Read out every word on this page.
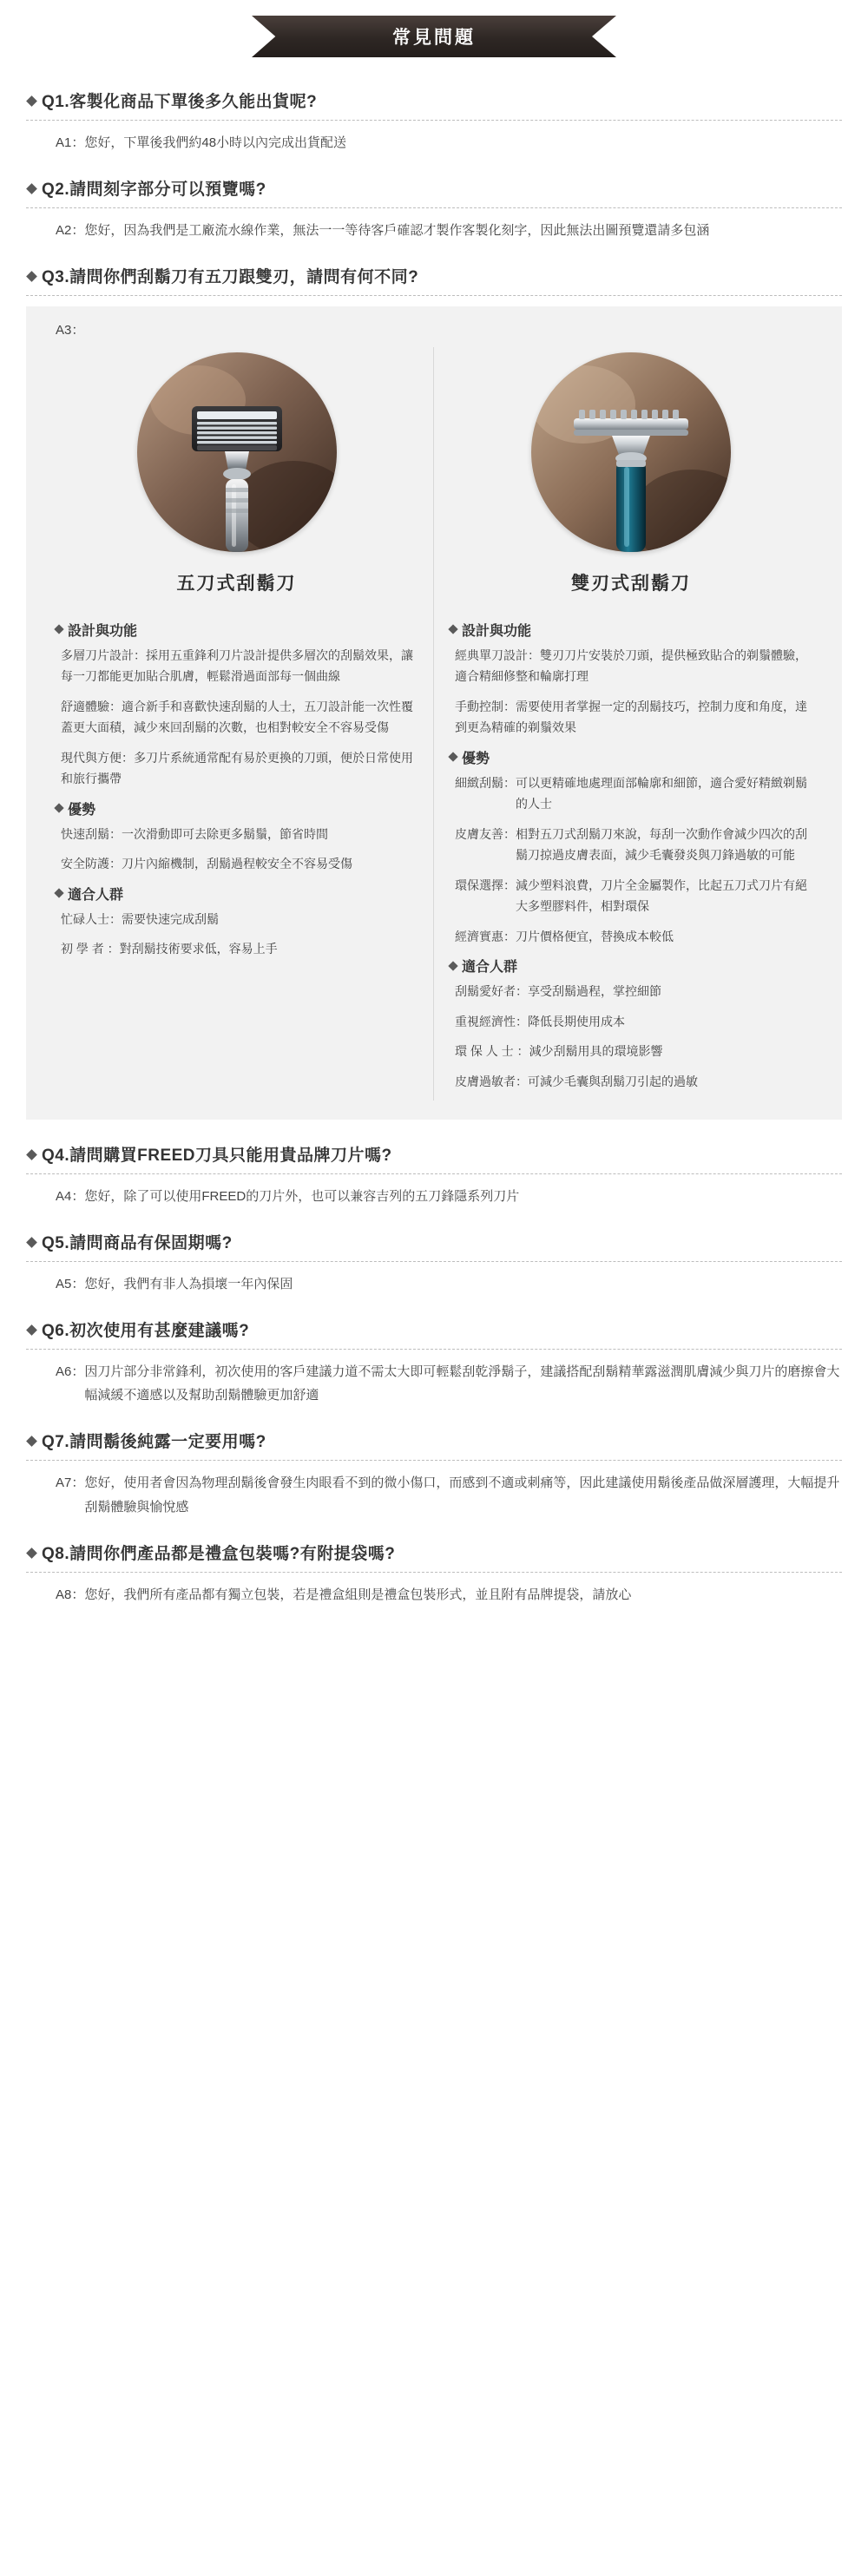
常見問題
Q1.客製化商品下單後多久能出貨呢?
A1： 您好，下單後我們約48小時以內完成出貨配送
Q2.請問刻字部分可以預覽嗎?
A2： 您好，因為我們是工廠流水線作業，無法一一等待客戶確認才製作客製化刻字，因此無法出圖預覽還請多包涵
Q3.請問你們刮鬍刀有五刀跟雙刃，請問有何不同?
A3：
五刀式刮鬍刀
設計與功能
多層刀片設計：採用五重鋒利刀片設計提供多層次的刮鬍效果，讓每一刀都能更加貼合肌膚，輕鬆滑過面部每一個曲線
舒適體驗：適合新手和喜歡快速刮鬍的人士，五刀設計能一次性覆蓋更大面積，減少來回刮鬍的次數，也相對較安全不容易受傷
現代與方便：多刀片系統通常配有易於更換的刀頭，便於日常使用和旅行攜帶
優勢
快速刮鬍： 一次滑動即可去除更多鬍鬚，節省時間
安全防護： 刀片內縮機制，刮鬍過程較安全不容易受傷
適合人群
忙碌人士： 需要快速完成刮鬍
初 學 者 ： 對刮鬍技術要求低，容易上手
雙刃式刮鬍刀
設計與功能
經典單刀設計：雙刃刀片安裝於刀頭，提供極致貼合的剃鬚體驗，適合精細修整和輪廓打理
手動控制：需要使用者掌握一定的刮鬍技巧，控制力度和角度，達到更為精確的剃鬚效果
優勢
細緻刮鬍： 可以更精確地處理面部輪廓和細節，適合愛好精緻剃鬍的人士
皮膚友善： 相對五刀式刮鬍刀來說，每刮一次動作會減少四次的刮鬍刀掠過皮膚表面，減少毛囊發炎與刀鋒過敏的可能
環保選擇： 減少塑料浪費，刀片全金屬製作，比起五刀式刀片有絕大多塑膠料件，相對環保
經濟實惠： 刀片價格便宜，替換成本較低
適合人群
刮鬍愛好者： 享受刮鬍過程，掌控細節
重視經濟性： 降低長期使用成本
環 保 人 士 ： 減少刮鬍用具的環境影響
皮膚過敏者： 可減少毛囊與刮鬍刀引起的過敏
Q4.請問購買FREED刀具只能用貴品牌刀片嗎?
A4： 您好，除了可以使用FREED的刀片外，也可以兼容吉列的五刀鋒隱系列刀片
Q5.請問商品有保固期嗎?
A5： 您好，我們有非人為損壞一年內保固
Q6.初次使用有甚麼建議嗎?
A6： 因刀片部分非常鋒利，初次使用的客戶建議力道不需太大即可輕鬆刮乾淨鬍子，建議搭配刮鬍精華露滋潤肌膚減少與刀片的磨擦會大幅減緩不適感以及幫助刮鬍體驗更加舒適
Q7.請問鬍後純露一定要用嗎?
A7： 您好，使用者會因為物理刮鬍後會發生肉眼看不到的微小傷口，而感到不適或刺痛等，因此建議使用鬍後產品做深層護理，大幅提升刮鬍體驗與愉悅感
Q8.請問你們產品都是禮盒包裝嗎?有附提袋嗎?
A8： 您好，我們所有產品都有獨立包裝，若是禮盒組則是禮盒包裝形式，並且附有品牌提袋，請放心
